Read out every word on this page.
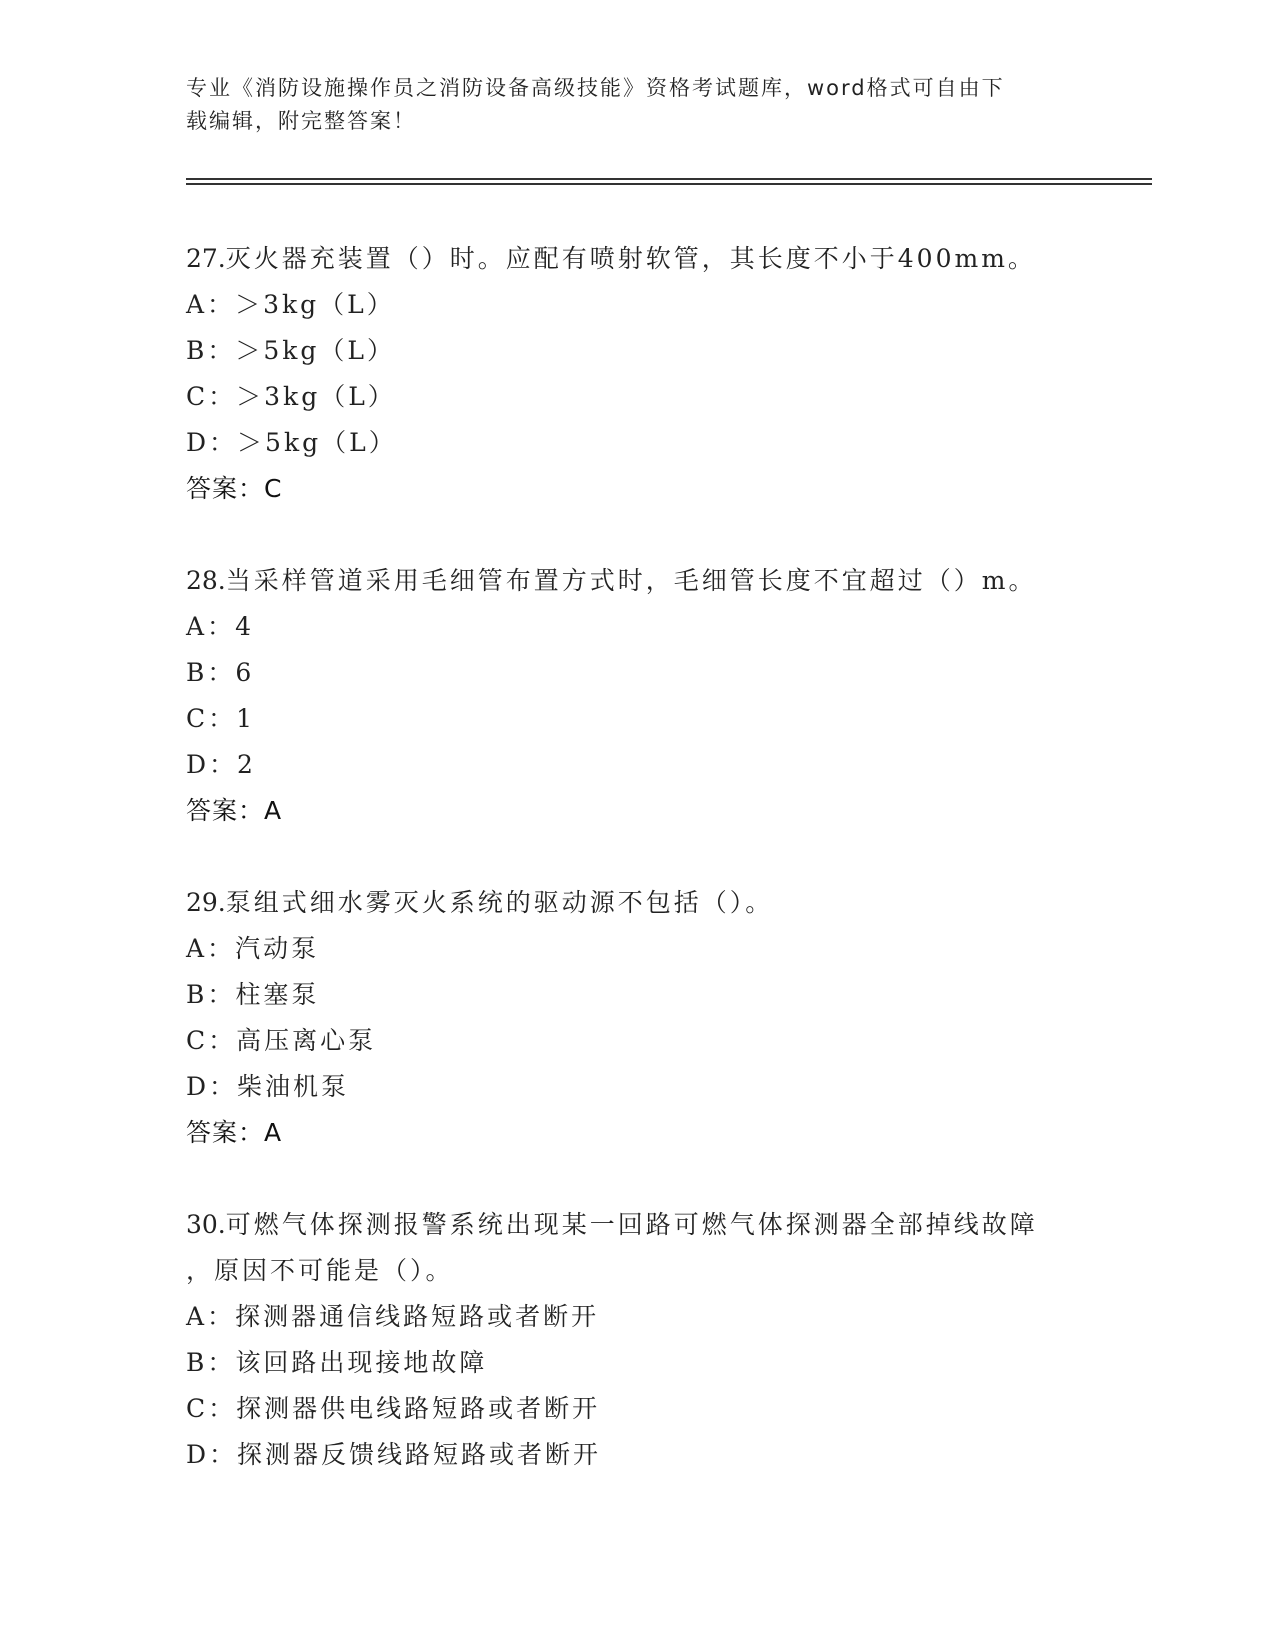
专业《消防设施操作员之消防设备高级技能》资格考试题库，word格式可自由下
载编辑，附完整答案！
27.灭火器充装置（）时。应配有喷射软管，其长度不小于400mm。
A：＞3kg（L）
B：＞5kg（L）
C：＞3kg（L）
D：＞5kg（L）
答案：C
28.当采样管道采用毛细管布置方式时，毛细管长度不宜超过（）m。
A：4
B：6
C：1
D：2
答案：A
29.泵组式细水雾灭火系统的驱动源不包括（）。
A：汽动泵
B：柱塞泵
C：高压离心泵
D：柴油机泵
答案：A
30.可燃气体探测报警系统出现某一回路可燃气体探测器全部掉线故障
，原因不可能是（）。
A：探测器通信线路短路或者断开
B：该回路出现接地故障
C：探测器供电线路短路或者断开
D：探测器反馈线路短路或者断开
